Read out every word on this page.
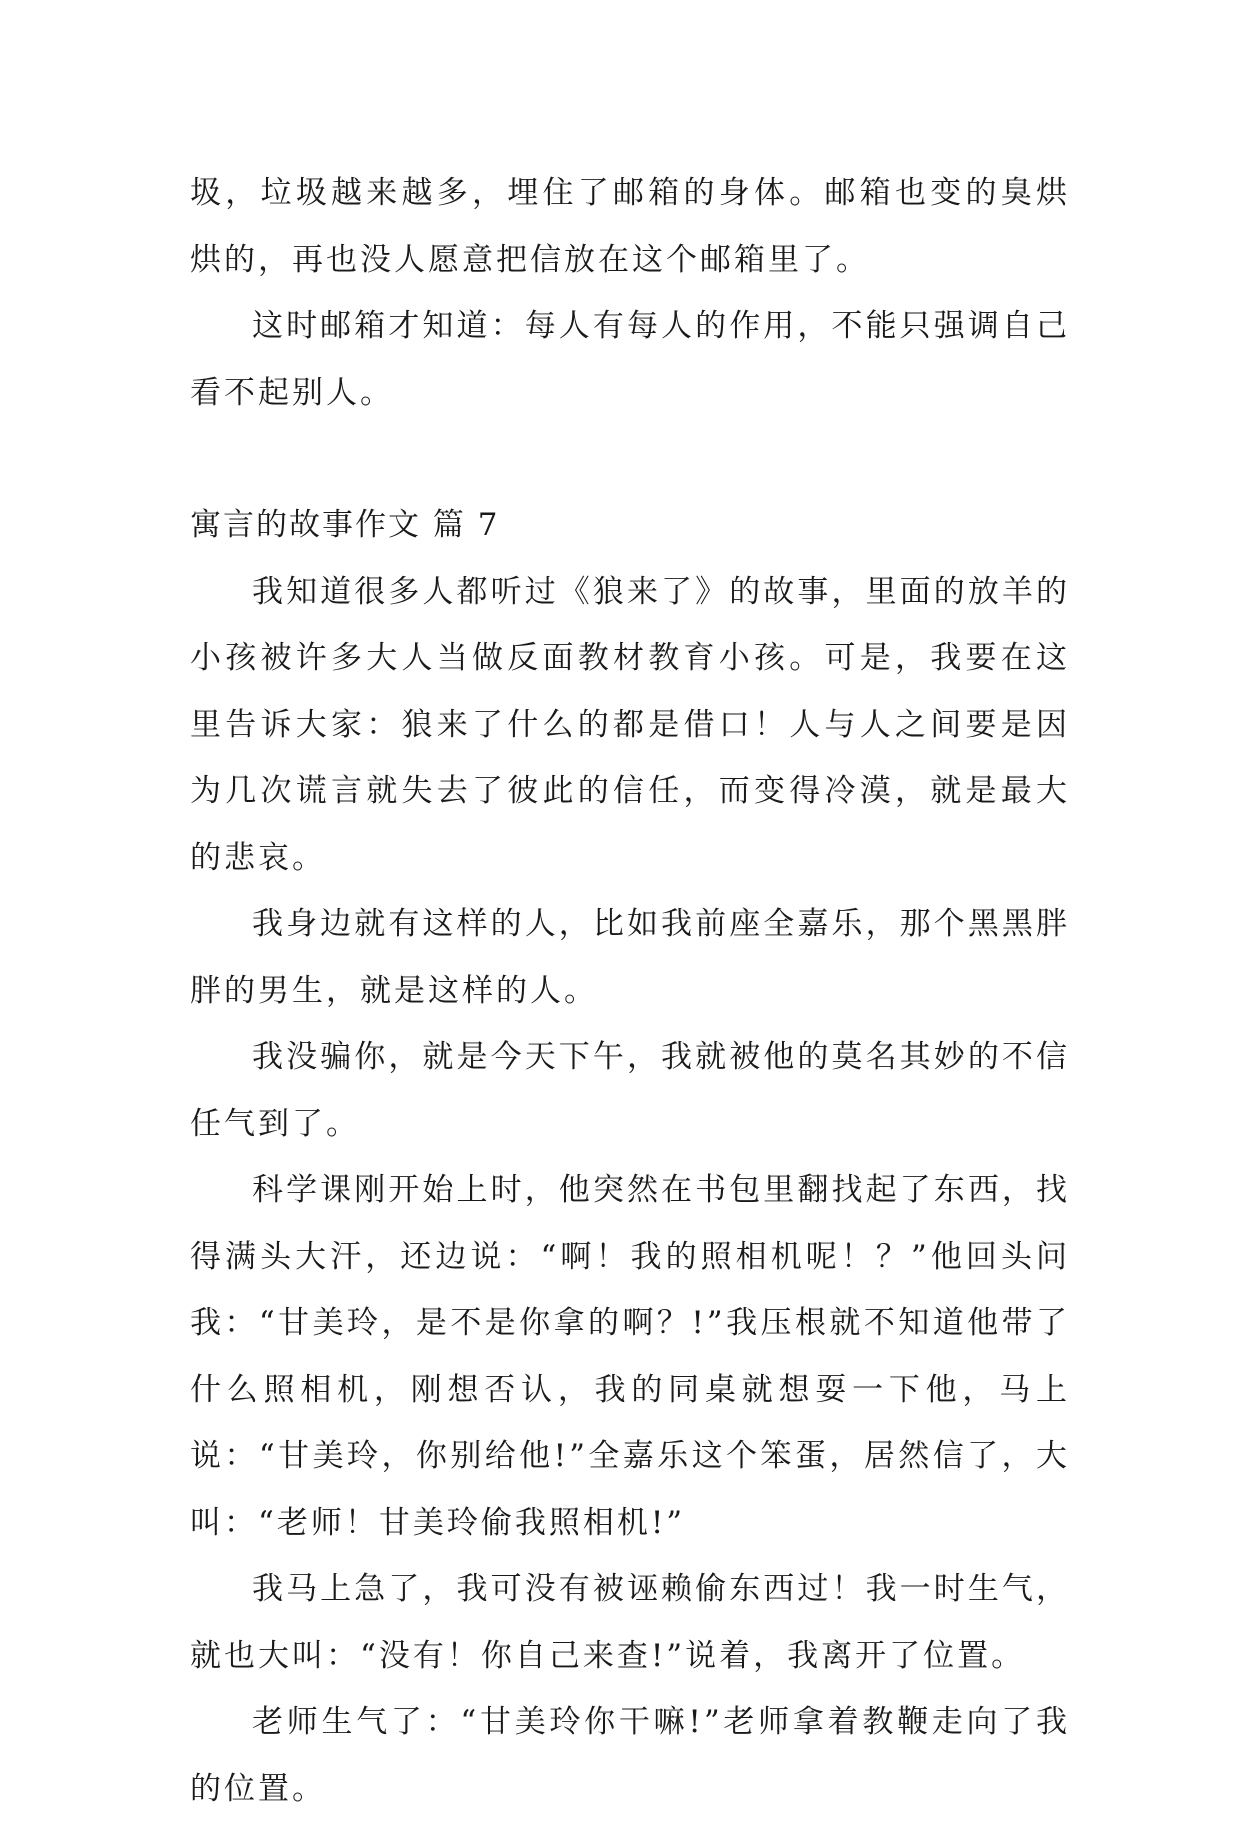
圾，垃圾越来越多，埋住了邮箱的身体。邮箱也变的臭烘烘的，再也没人愿意把信放在这个邮箱里了。

这时邮箱才知道：每人有每人的作用，不能只强调自己看不起别人。

寓言的故事作文 篇 7

我知道很多人都听过《狼来了》的故事，里面的放羊的小孩被许多大人当做反面教材教育小孩。可是，我要在这里告诉大家：狼来了什么的都是借口！人与人之间要是因为几次谎言就失去了彼此的信任，而变得冷漠，就是最大的悲哀。

我身边就有这样的人，比如我前座全嘉乐，那个黑黑胖胖的男生，就是这样的人。

我没骗你，就是今天下午，我就被他的莫名其妙的不信任气到了。

科学课刚开始上时，他突然在书包里翻找起了东西，找得满头大汗，还边说：“啊！我的照相机呢！？”他回头问我：“甘美玲，是不是你拿的啊？!”我压根就不知道他带了什么照相机，刚想否认，我的同桌就想耍一下他，马上说：“甘美玲，你别给他!”全嘉乐这个笨蛋，居然信了，大叫：“老师！甘美玲偷我照相机!”

我马上急了，我可没有被诬赖偷东西过！我一时生气，就也大叫：“没有！你自己来查!”说着，我离开了位置。

老师生气了：“甘美玲你干嘛!”老师拿着教鞭走向了我的位置。
